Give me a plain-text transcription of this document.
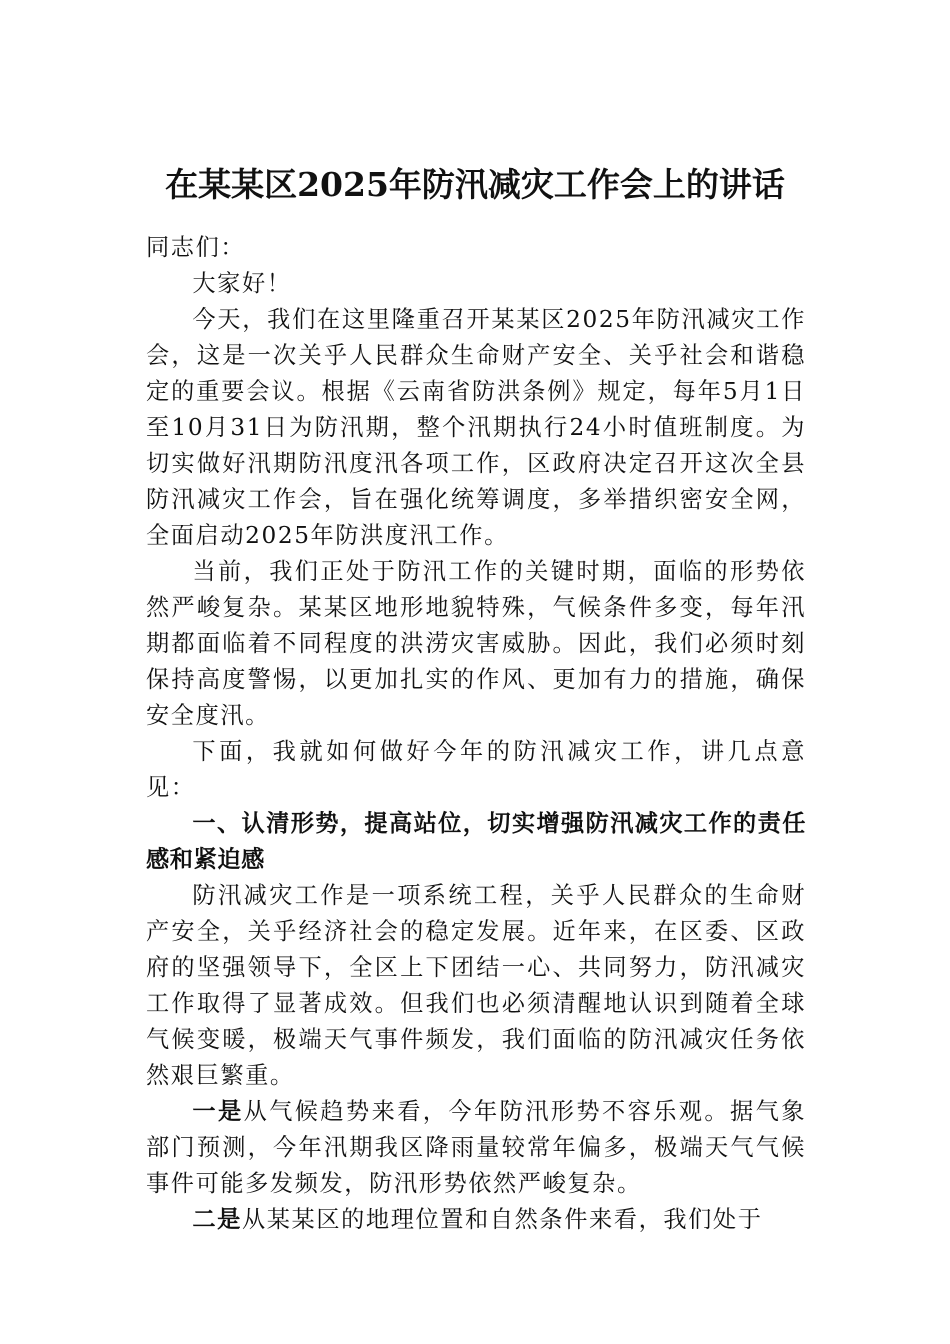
在某某区2025年防汛减灾工作会上的讲话

同志们：

大家好！

今天，我们在这里隆重召开某某区2025年防汛减灾工作会，这是一次关乎人民群众生命财产安全、关乎社会和谐稳定的重要会议。根据《云南省防洪条例》规定，每年5月1日至10月31日为防汛期，整个汛期执行24小时值班制度。为切实做好汛期防汛度汛各项工作，区政府决定召开这次全县防汛减灾工作会，旨在强化统筹调度，多举措织密安全网，全面启动2025年防洪度汛工作。

当前，我们正处于防汛工作的关键时期，面临的形势依然严峻复杂。某某区地形地貌特殊，气候条件多变，每年汛期都面临着不同程度的洪涝灾害威胁。因此，我们必须时刻保持高度警惕，以更加扎实的作风、更加有力的措施，确保安全度汛。

下面，我就如何做好今年的防汛减灾工作，讲几点意见：

一、认清形势，提高站位，切实增强防汛减灾工作的责任感和紧迫感

防汛减灾工作是一项系统工程，关乎人民群众的生命财产安全，关乎经济社会的稳定发展。近年来，在区委、区政府的坚强领导下，全区上下团结一心、共同努力，防汛减灾工作取得了显著成效。但我们也必须清醒地认识到随着全球气候变暖，极端天气事件频发，我们面临的防汛减灾任务依然艰巨繁重。

一是从气候趋势来看，今年防汛形势不容乐观。据气象部门预测，今年汛期我区降雨量较常年偏多，极端天气气候事件可能多发频发，防汛形势依然严峻复杂。

二是从某某区的地理位置和自然条件来看，我们处于
